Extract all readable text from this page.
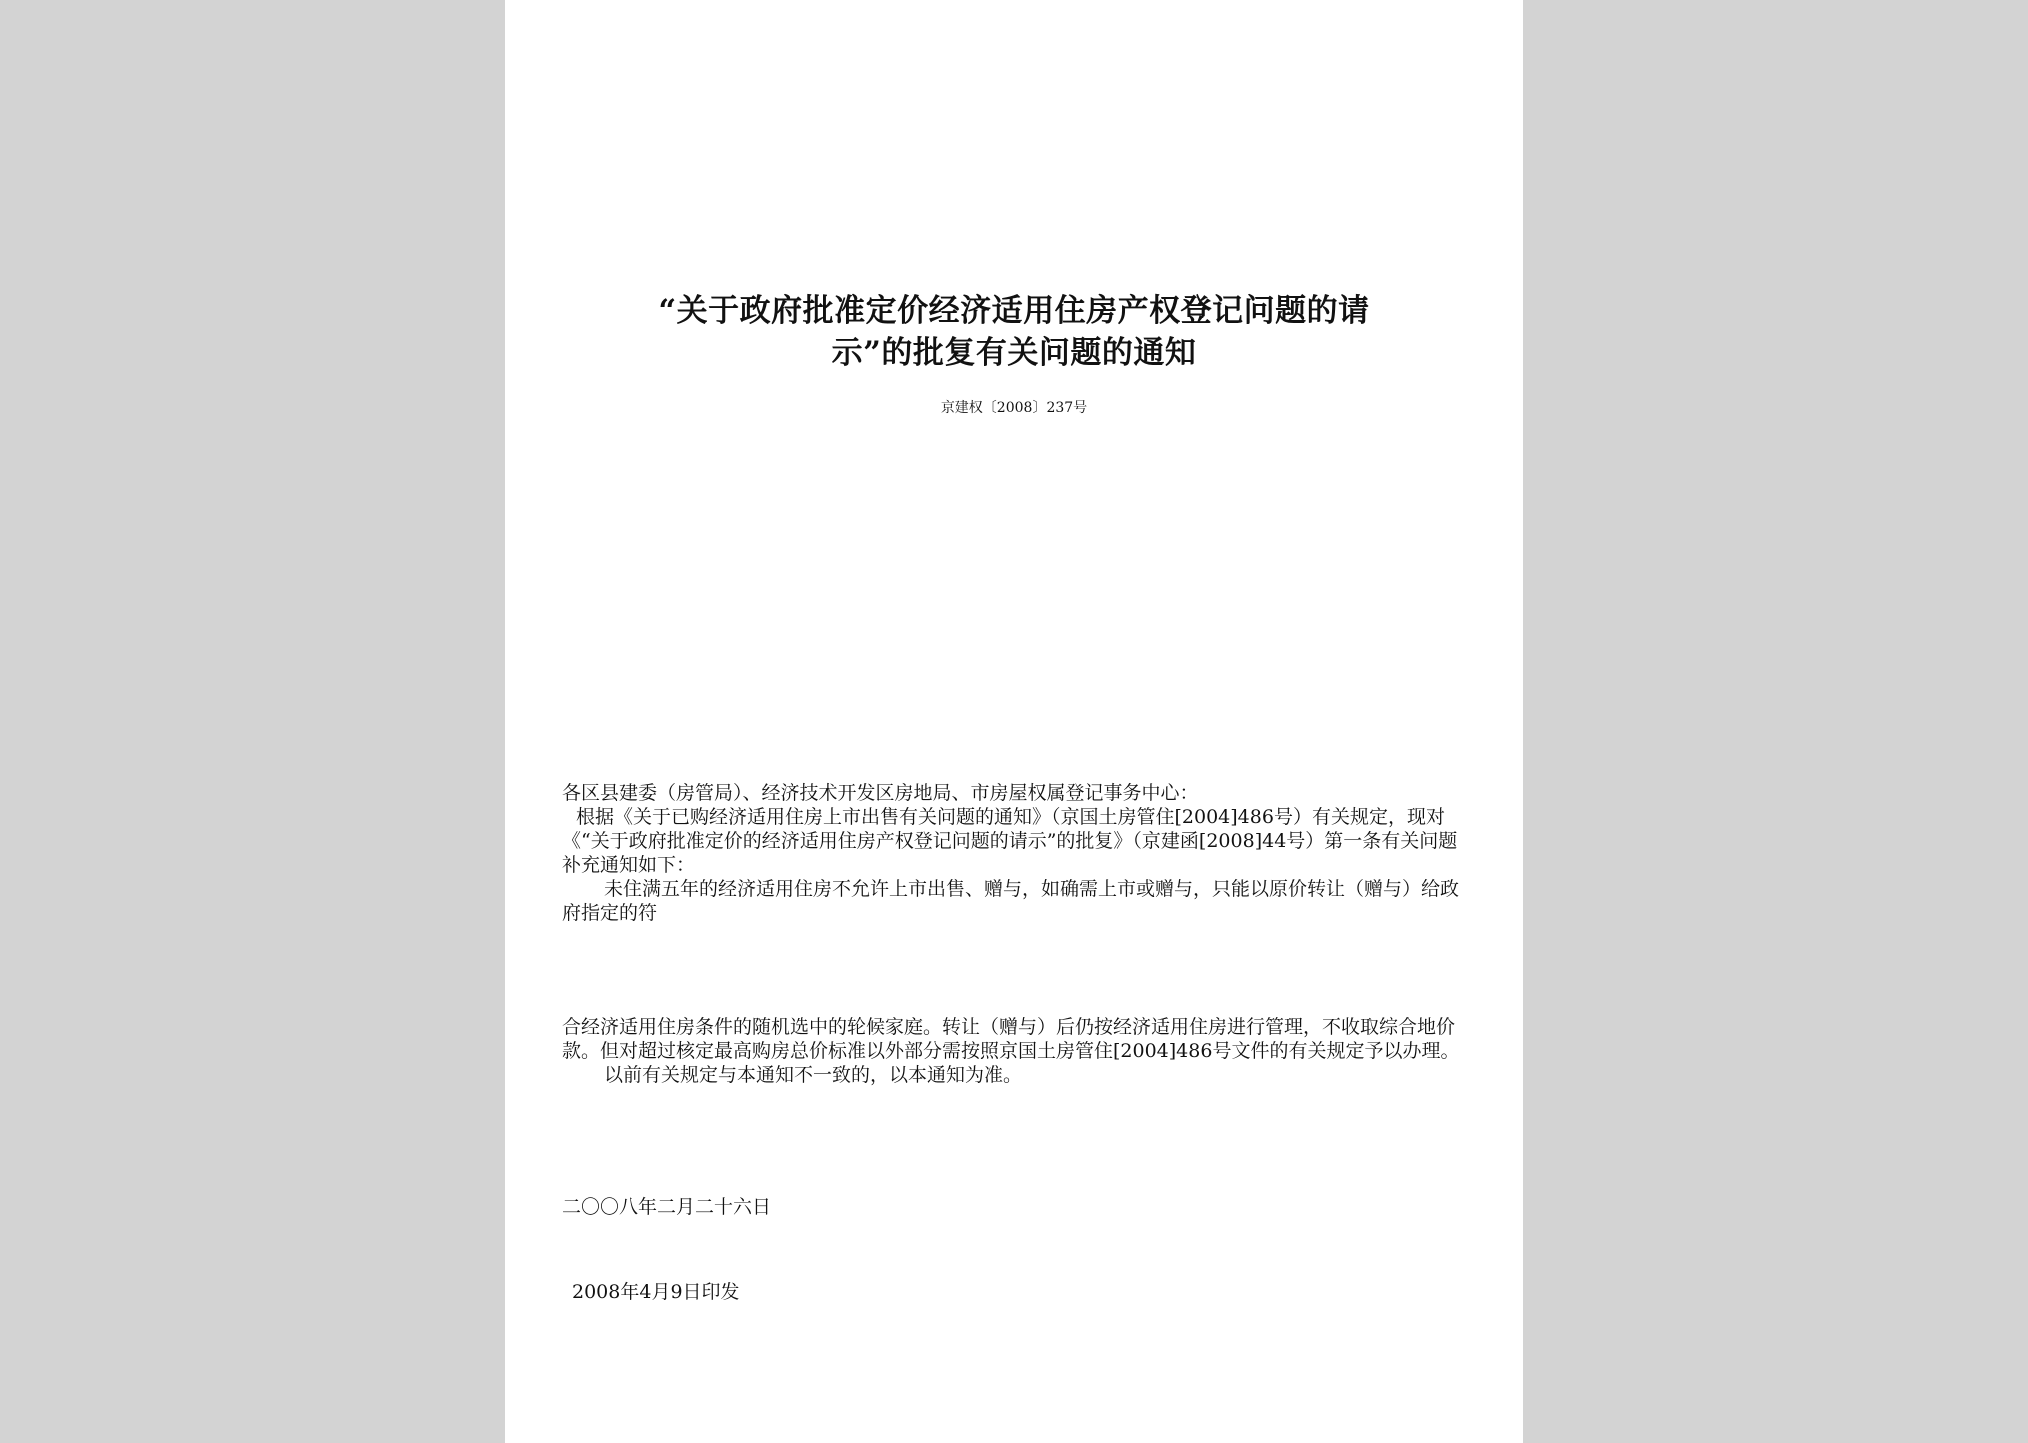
“关于政府批准定价经济适用住房产权登记问题的请
示”的批复有关问题的通知
京建权〔2008〕237号

各区县建委（房管局）、经济技术开发区房地局、市房屋权属登记事务中心：

根据《关于已购经济适用住房上市出售有关问题的通知》（京国土房管住[2004]486号）有关规定，现对《“关于政府批准定价的经济适用住房产权登记问题的请示”的批复》（京建函[2008]44号）第一条有关问题补充通知如下：

未住满五年的经济适用住房不允许上市出售、赠与，如确需上市或赠与，只能以原价转让（赠与）给政府指定的符

合经济适用住房条件的随机选中的轮候家庭。转让（赠与）后仍按经济适用住房进行管理，不收取综合地价款。但对超过核定最高购房总价标准以外部分需按照京国土房管住[2004]486号文件的有关规定予以办理。

以前有关规定与本通知不一致的，以本通知为准。

二〇〇八年二月二十六日
2008年4月9日印发
